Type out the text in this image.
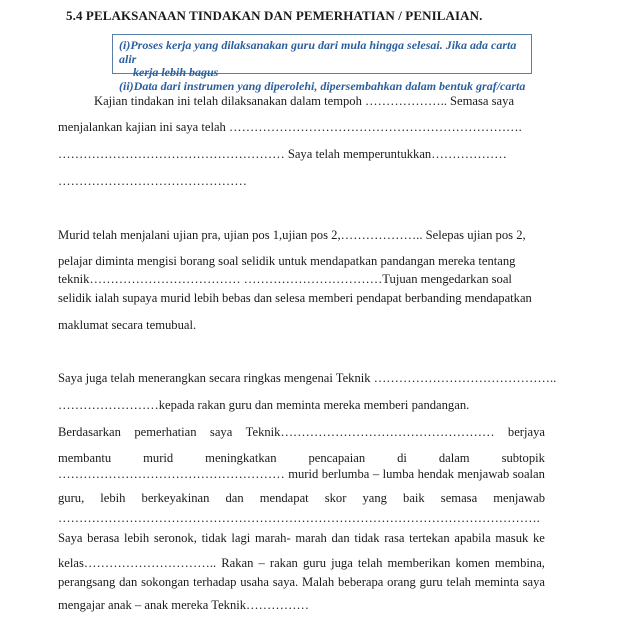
5.4 PELAKSANAAN TINDAKAN DAN PEMERHATIAN / PENILAIAN.
(i)Proses kerja yang dilaksanakan guru dari mula hingga selesai. Jika ada carta alir
kerja lebih bagus
(ii)Data dari instrumen yang diperolehi, dipersembahkan dalam bentuk graf/carta
Kajian tindakan ini telah dilaksanakan dalam tempoh ……………….. Semasa saya
menjalankan kajian ini saya telah …………………………………………………………….
……………………………………………… Saya telah memperuntukkan………………
………………………………………
Murid telah menjalani ujian pra, ujian pos 1,ujian pos 2,……………….. Selepas ujian pos 2,
pelajar diminta mengisi borang soal selidik untuk mendapatkan pandangan mereka tentang
teknik……………………………… ……………………………Tujuan mengedarkan soal
selidik ialah supaya murid lebih bebas dan selesa memberi pendapat berbanding mendapatkan
maklumat secara temubual.
Saya juga telah menerangkan secara ringkas mengenai Teknik ……………………………………..
……………………kepada rakan guru dan meminta mereka memberi pandangan.
Berdasarkan pemerhatian saya Teknik…………………………………………… berjaya
membantu	murid	meningkatkan	pencapaian	di	dalam	subtopik
……………………………………………… murid berlumba – lumba hendak menjawab soalan
guru, lebih berkeyakinan dan mendapat skor yang baik semasa menjawab
…………………………………………………………………………………………………….
Saya berasa lebih seronok, tidak lagi marah- marah dan tidak rasa tertekan apabila masuk ke
kelas………………………….. Rakan – rakan guru juga telah memberikan komen membina,
perangsang dan sokongan terhadap usaha saya. Malah beberapa orang guru telah meminta saya
mengajar anak – anak mereka Teknik……………
